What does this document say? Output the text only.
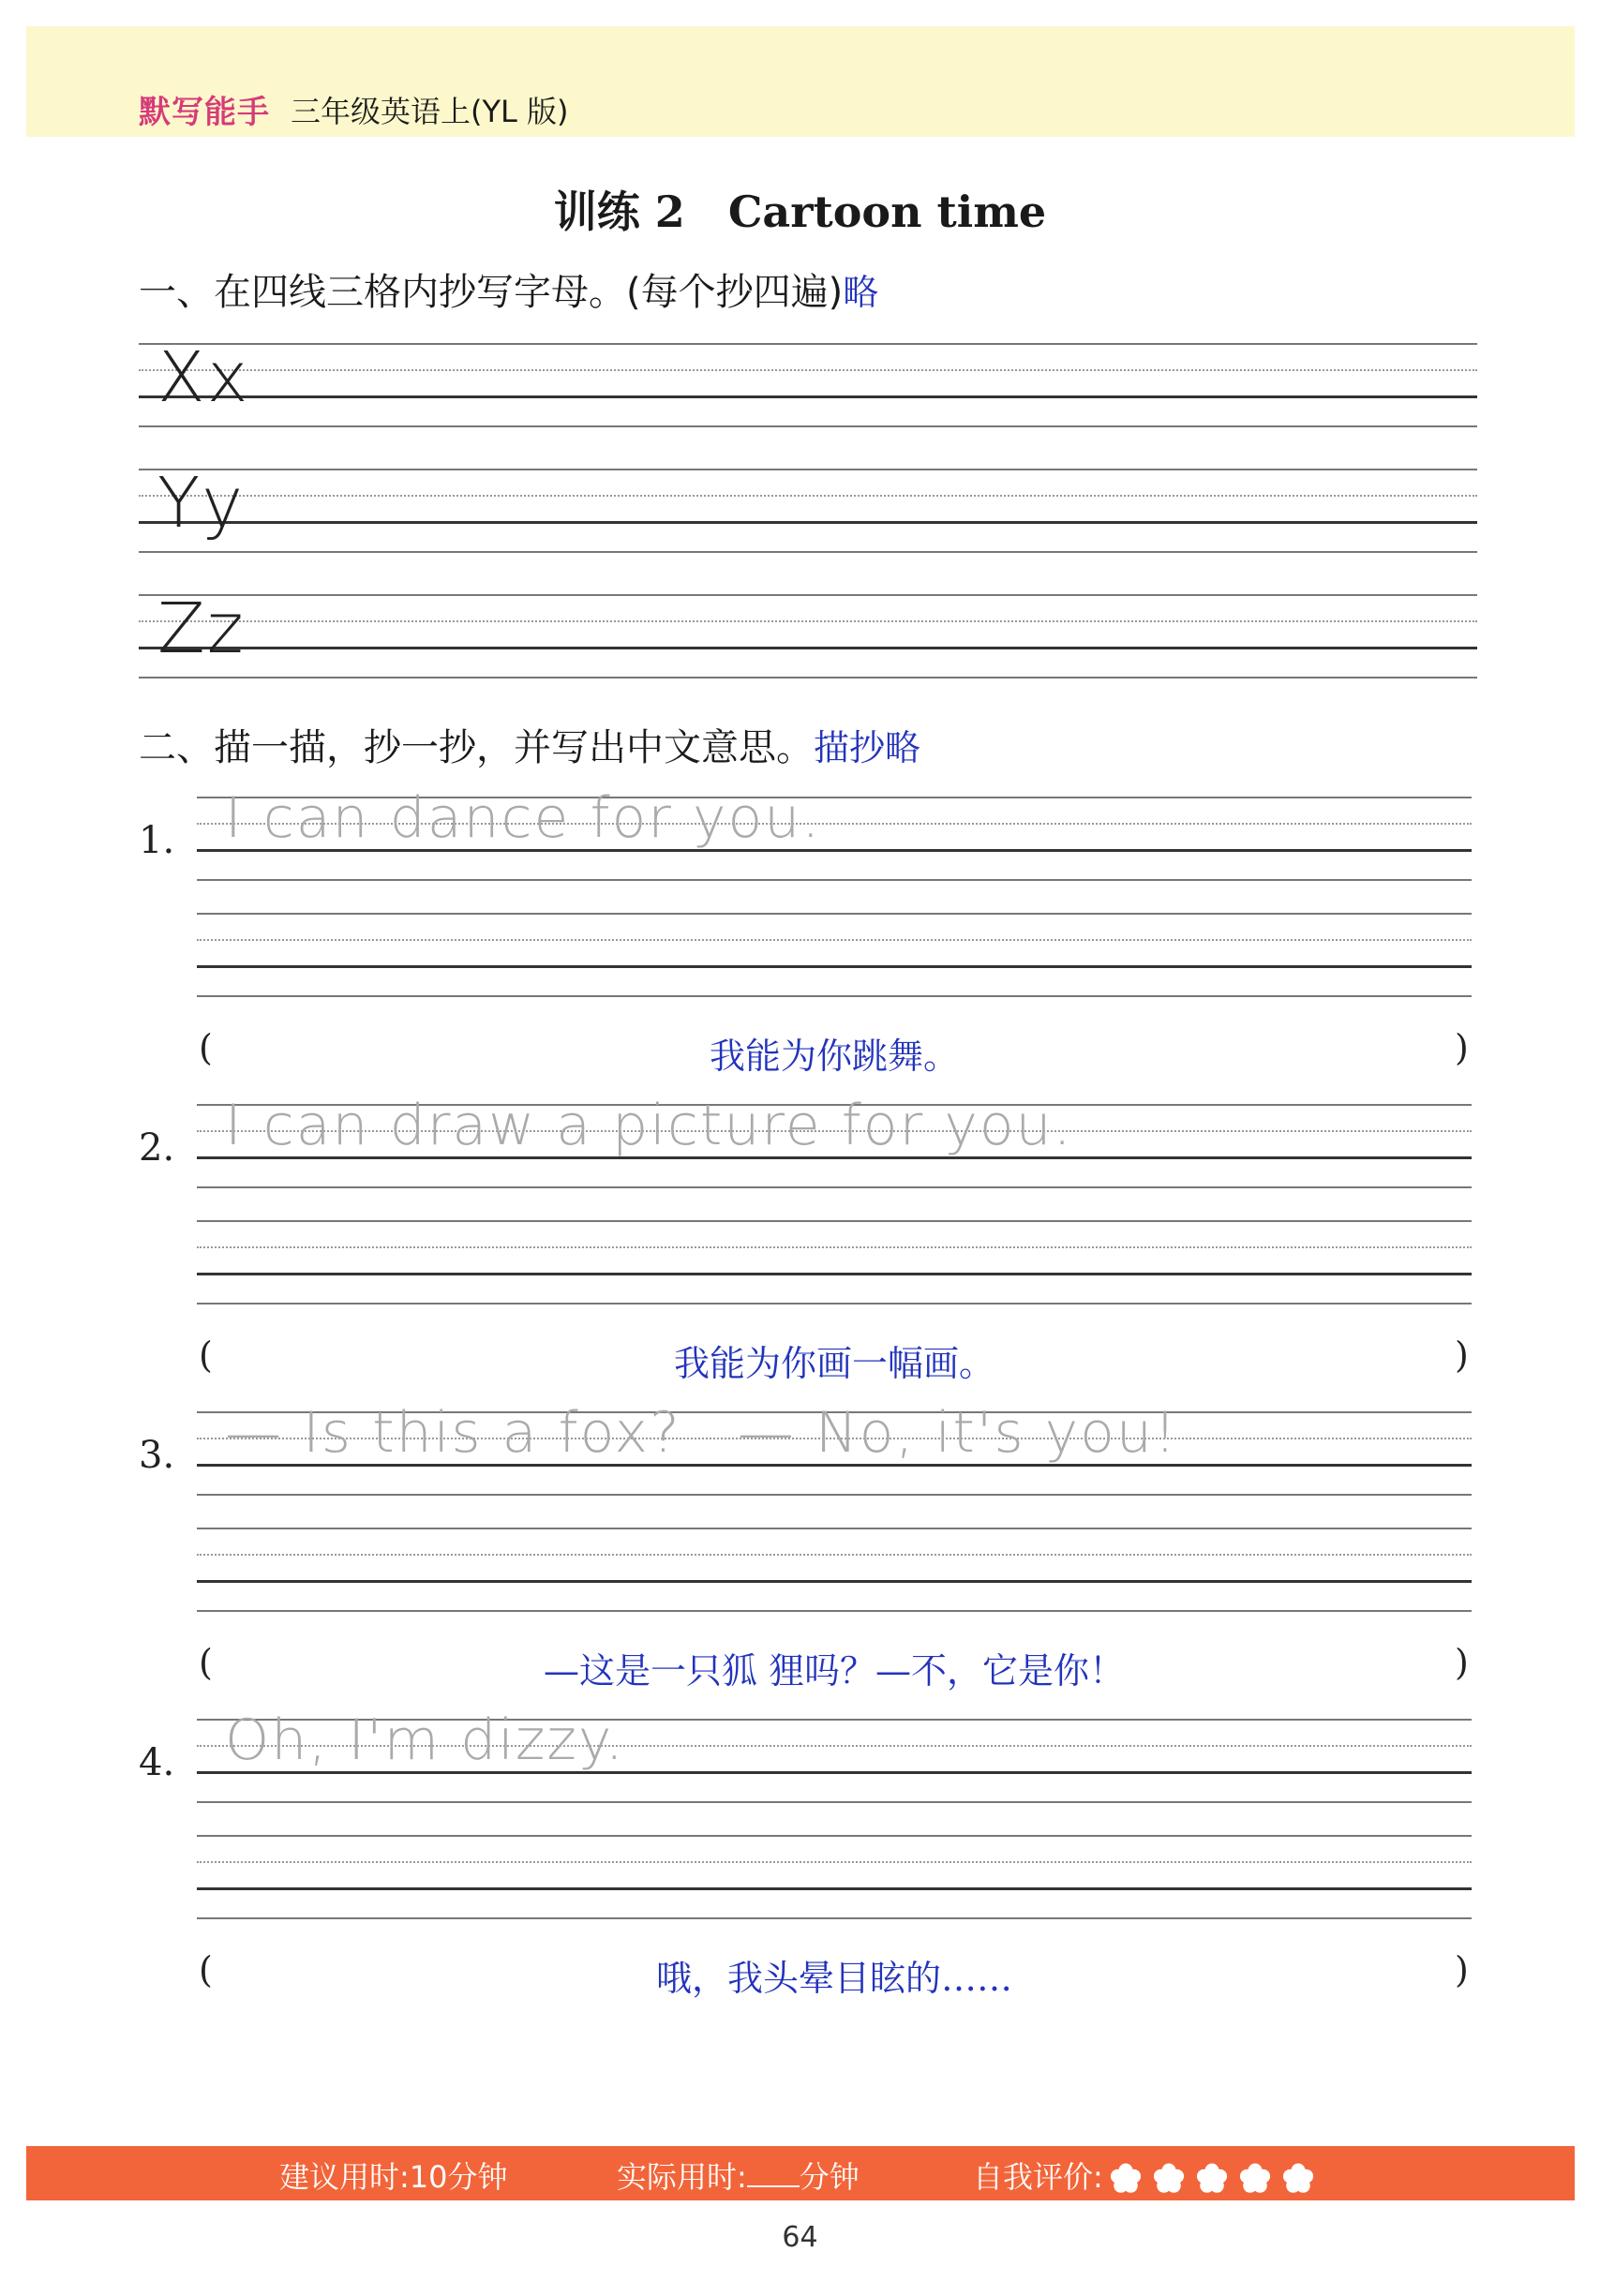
默写能手 三年级英语上(YL 版)
训练 2　Cartoon time
一、在四线三格内抄写字母。(每个抄四遍)略
Xx
Yy
Zz
二、描一描，抄一抄，并写出中文意思。描抄略
1. I can dance for you.
(	我能为你跳舞。	)
2. I can draw a picture for you.
(	我能为你画一幅画。	)
3. — Is this a fox? — No, it's you!
(	—这是一只狐 狸吗？—不，它是你！	)
4. Oh, I'm dizzy.
(	哦，我头晕目眩的……	)
建议用时:10分钟	实际用时: 分钟	自我评价:
64
